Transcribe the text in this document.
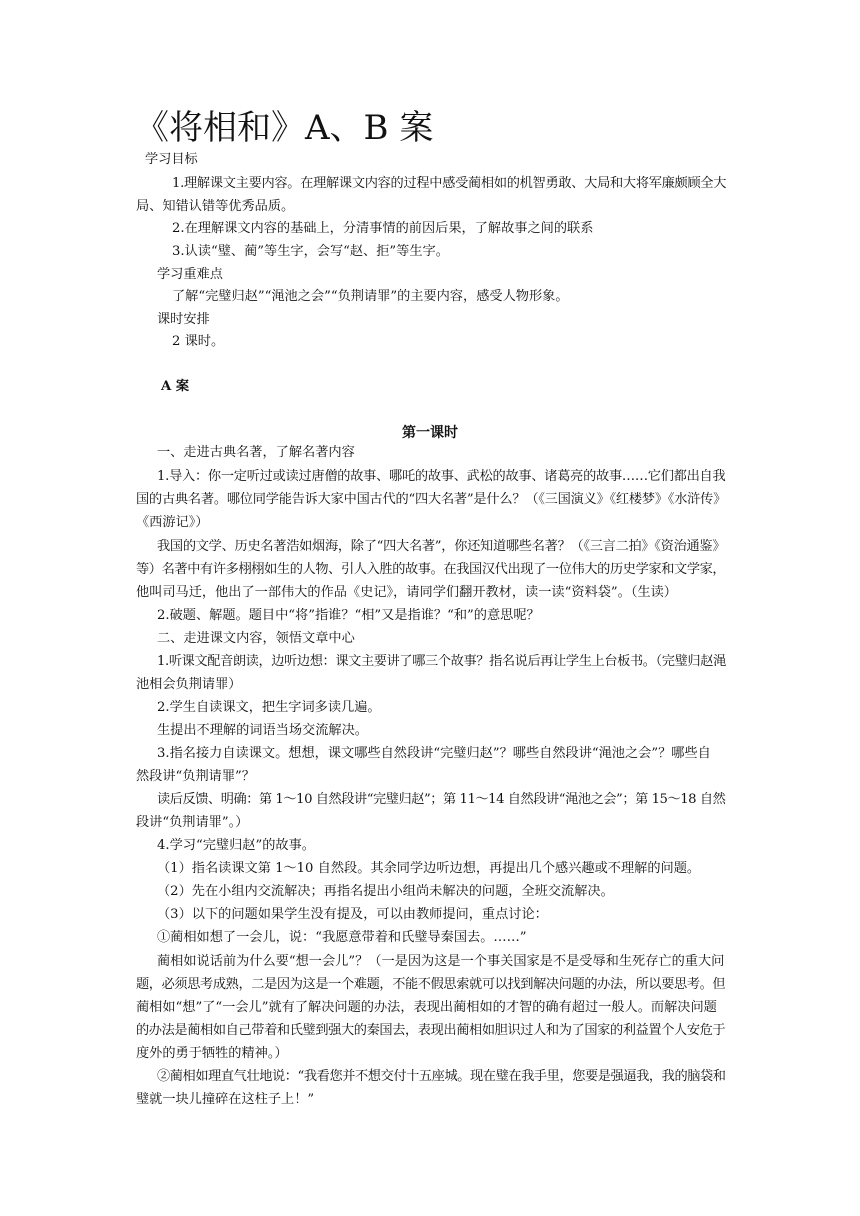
《将相和》A、B 案
学习目标
1.理解课文主要内容。在理解课文内容的过程中感受蔺相如的机智勇敢、大局和大将军廉颇顾全大
局、知错认错等优秀品质。
2.在理解课文内容的基础上，分清事情的前因后果，了解故事之间的联系
3.认读“璧、蔺”等生字，会写“赵、拒”等生字。
学习重难点
了解“完璧归赵”“渑池之会”“负荆请罪”的主要内容，感受人物形象。
课时安排
2 课时。
A 案
第一课时
一、走进古典名著，了解名著内容
1.导入：你一定听过或读过唐僧的故事、哪吒的故事、武松的故事、诸葛亮的故事……它们都出自我
国的古典名著。哪位同学能告诉大家中国古代的“四大名著”是什么？（《三国演义》《红楼梦》《水浒传》
《西游记》）
我国的文学、历史名著浩如烟海，除了“四大名著”，你还知道哪些名著？（《三言二拍》《资治通鉴》
等）名著中有许多栩栩如生的人物、引人入胜的故事。在我国汉代出现了一位伟大的历史学家和文学家，
他叫司马迁，他出了一部伟大的作品《史记》，请同学们翻开教材，读一读“资料袋”。（生读）
2.破题、解题。题目中“将”指谁？“相”又是指谁？“和”的意思呢？
二、走进课文内容，领悟文章中心
1.听课文配音朗读，边听边想：课文主要讲了哪三个故事？指名说后再让学生上台板书。（完璧归赵渑
池相会负荆请罪）
2.学生自读课文，把生字词多读几遍。
生提出不理解的词语当场交流解决。
3.指名接力自读课文。想想，课文哪些自然段讲“完璧归赵”？哪些自然段讲“渑池之会”？哪些自
然段讲“负荆请罪”？
读后反馈、明确：第 1～10 自然段讲“完璧归赵”；第 11～14 自然段讲“渑池之会”；第 15～18 自然
段讲“负荆请罪”。）
4.学习“完璧归赵”的故事。
（1）指名读课文第 1～10 自然段。其余同学边听边想，再提出几个感兴趣或不理解的问题。
（2）先在小组内交流解决；再指名提出小组尚未解决的问题，全班交流解决。
（3）以下的问题如果学生没有提及，可以由教师提问，重点讨论：
①蔺相如想了一会儿，说：“我愿意带着和氏璧导秦国去。……”
蔺相如说话前为什么要“想一会儿”？（一是因为这是一个事关国家是不是受辱和生死存亡的重大问
题，必须思考成熟，二是因为这是一个难题，不能不假思索就可以找到解决问题的办法，所以要思考。但
蔺相如“想”了“一会儿”就有了解决问题的办法，表现出蔺相如的才智的确有超过一般人。而解决问题
的办法是蔺相如自己带着和氏璧到强大的秦国去，表现出蔺相如胆识过人和为了国家的利益置个人安危于
度外的勇于牺牲的精神。）
②蔺相如理直气壮地说：“我看您并不想交付十五座城。现在璧在我手里，您要是强逼我，我的脑袋和
璧就一块儿撞碎在这柱子上！”
